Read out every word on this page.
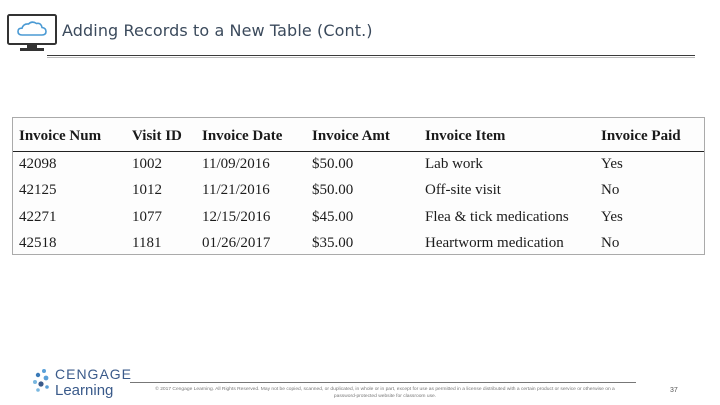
Adding Records to a New Table (Cont.)
Invoice Num	Visit ID	Invoice Date	Invoice Amt	Invoice Item	Invoice Paid
42098	1002	11/09/2016	$50.00	Lab work	Yes
42125	1012	11/21/2016	$50.00	Off-site visit	No
42271	1077	12/15/2016	$45.00	Flea & tick medications	Yes
42518	1181	01/26/2017	$35.00	Heartworm medication	No
CENGAGE
Learning	© 2017 Cengage Learning. All Rights Reserved. May not be copied, scanned, or duplicated, in whole or in part, except for use as permitted in a license distributed with a certain product or service or otherwise on a
password-protected website for classroom use.
37
